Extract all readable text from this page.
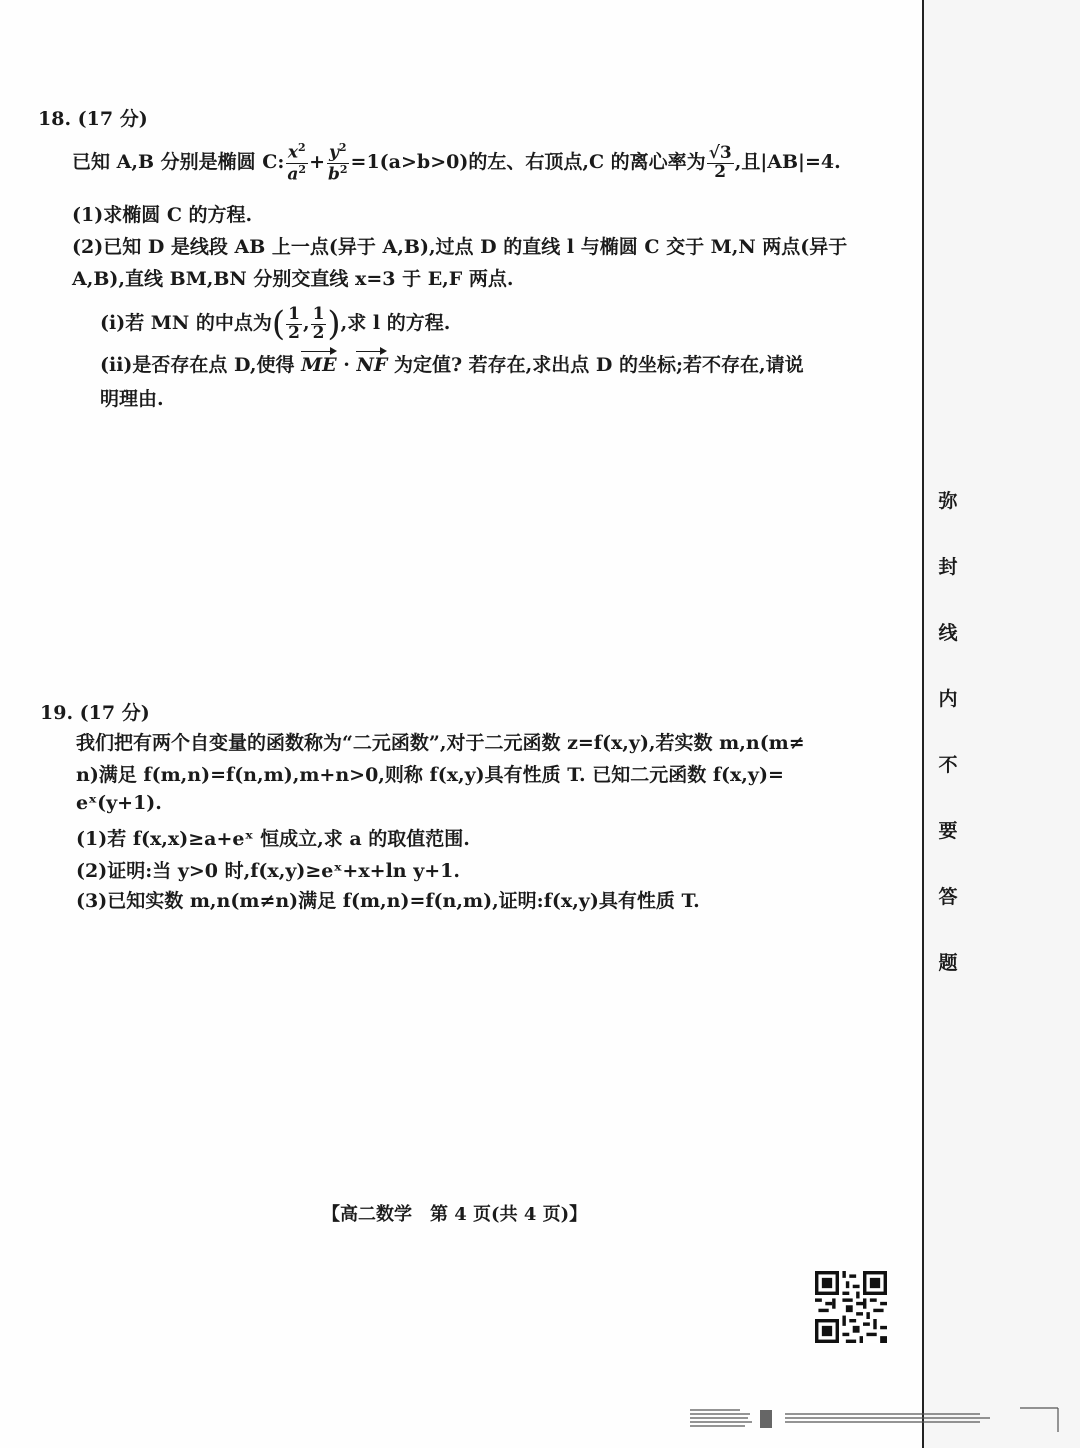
18. (17 分)
已知 A,B 分别是椭圆 C: $\frac{x^2}{a^2} + \frac{y^2}{b^2} =1(a>b>0)$的左、右顶点,C 的离心率为 $\frac{√3}{2}$ ,且|AB|=4.
(1)求椭圆 C 的方程.
(2)已知 D 是线段 AB 上一点(异于 A,B),过点 D 的直线 l 与椭圆 C 交于 M,N 两点(异于
A,B),直线 BM,BN 分别交直线 x=3 于 E,F 两点.
(ⅰ)若 MN 的中点为( $\frac{1}{2}$ , $\frac{1}{2}$ ),求 l 的方程.
(ⅱ)是否存在点 D,使得 ME · NF 为定值? 若存在,求出点 D 的坐标;若不存在,请说
明理由.
19. (17 分)
我们把有两个自变量的函数称为“二元函数”,对于二元函数 z=f(x,y),若实数 m,n(m≠
n)满足 f(m,n)=f(n,m),m+n>0,则称 f(x,y)具有性质 T. 已知二元函数 f(x,y)=
eˣ(y+1).
(1)若 f(x,x)≥a+eˣ 恒成立,求 a 的取值范围.
(2)证明:当 y>0 时,f(x,y)≥eˣ+x+ln y+1.
(3)已知实数 m,n(m≠n)满足 f(m,n)=f(n,m),证明:f(x,y)具有性质 T.
弥
封
线
内
不
要
答
题
【高二数学　第 4 页(共 4 页)】
